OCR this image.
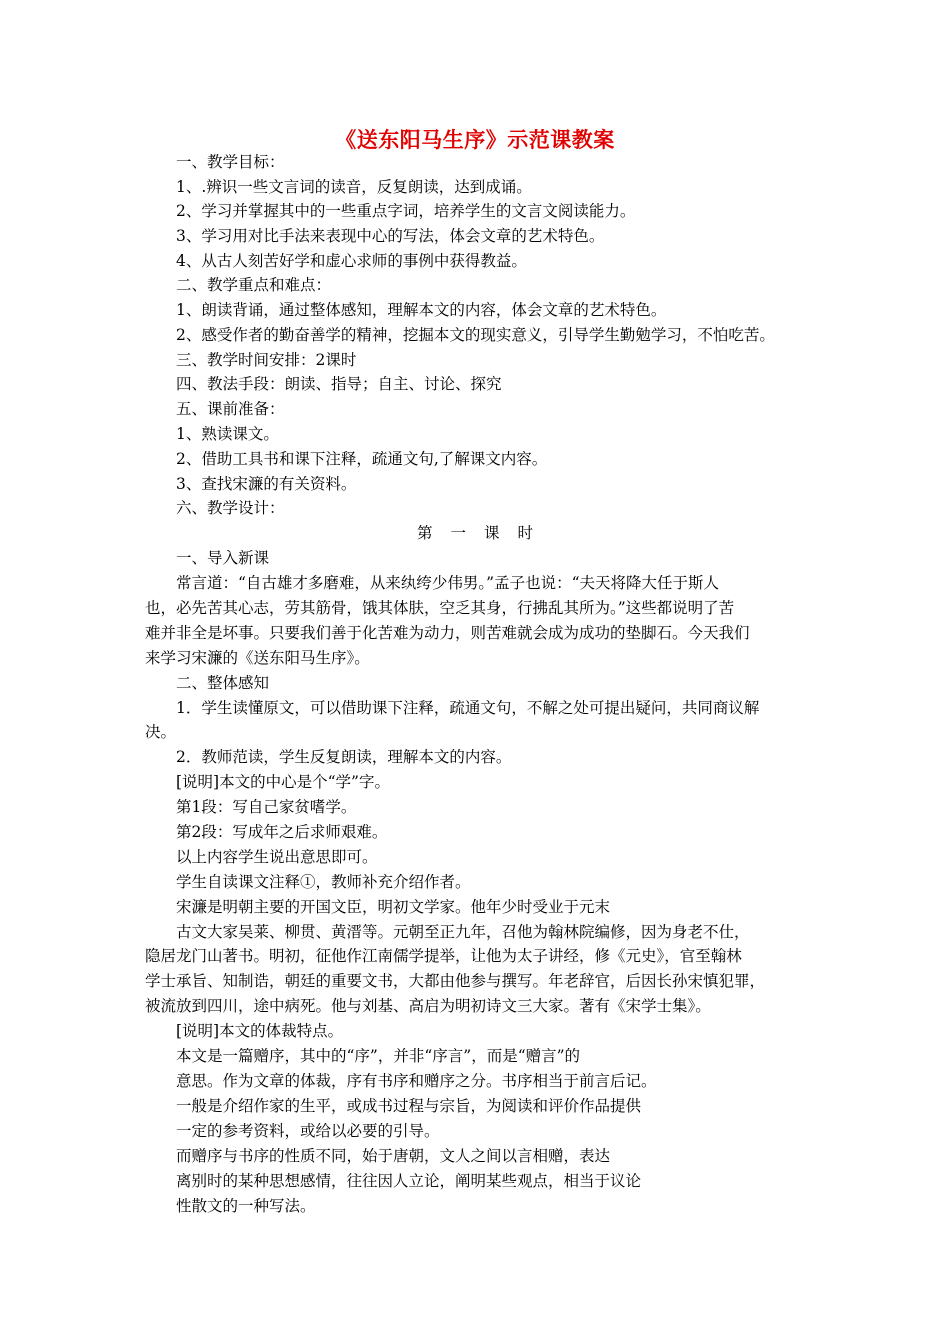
《送东阳马生序》示范课教案
一、教学目标：
1、.辨识一些文言词的读音，反复朗读，达到成诵。
2、学习并掌握其中的一些重点字词，培养学生的文言文阅读能力。
3、学习用对比手法来表现中心的写法，体会文章的艺术特色。
4、从古人刻苦好学和虚心求师的事例中获得教益。
二、教学重点和难点：
1、朗读背诵，通过整体感知，理解本文的内容，体会文章的艺术特色。
2、感受作者的勤奋善学的精神，挖掘本文的现实意义，引导学生勤勉学习，不怕吃苦。
三、教学时间安排：2课时
四、教法手段：朗读、指导；自主、讨论、探究
五、课前准备：
1、熟读课文。
2、借助工具书和课下注释，疏通文句,了解课文内容。
3、查找宋濂的有关资料。
六、教学设计：
第一课时
一、导入新课
常言道：“自古雄才多磨难，从来纨绔少伟男。”孟子也说：“夫天将降大任于斯人
也，必先苦其心志，劳其筋骨，饿其体肤，空乏其身，行拂乱其所为。”这些都说明了苦
难并非全是坏事。只要我们善于化苦难为动力，则苦难就会成为成功的垫脚石。今天我们
来学习宋濂的《送东阳马生序》。
二、整体感知
1．学生读懂原文，可以借助课下注释，疏通文句，不解之处可提出疑问，共同商议解
决。
2．教师范读，学生反复朗读，理解本文的内容。
[说明]本文的中心是个“学”字。
第1段：写自己家贫嗜学。
第2段：写成年之后求师艰难。
以上内容学生说出意思即可。
学生自读课文注释①，教师补充介绍作者。
宋濂是明朝主要的开国文臣，明初文学家。他年少时受业于元末
古文大家吴莱、柳贯、黄溍等。元朝至正九年，召他为翰林院编修，因为身老不仕，
隐居龙门山著书。明初，征他作江南儒学提举，让他为太子讲经，修《元史》，官至翰林
学士承旨、知制诰，朝廷的重要文书，大都由他参与撰写。年老辞官，后因长孙宋慎犯罪，
被流放到四川，途中病死。他与刘基、高启为明初诗文三大家。著有《宋学士集》。
[说明]本文的体裁特点。
本文是一篇赠序，其中的“序”，并非“序言”，而是“赠言”的
意思。作为文章的体裁，序有书序和赠序之分。书序相当于前言后记。
一般是介绍作家的生平，或成书过程与宗旨，为阅读和评价作品提供
一定的参考资料，或给以必要的引导。
而赠序与书序的性质不同，始于唐朝，文人之间以言相赠，表达
离别时的某种思想感情，往往因人立论，阐明某些观点，相当于议论
性散文的一种写法。
